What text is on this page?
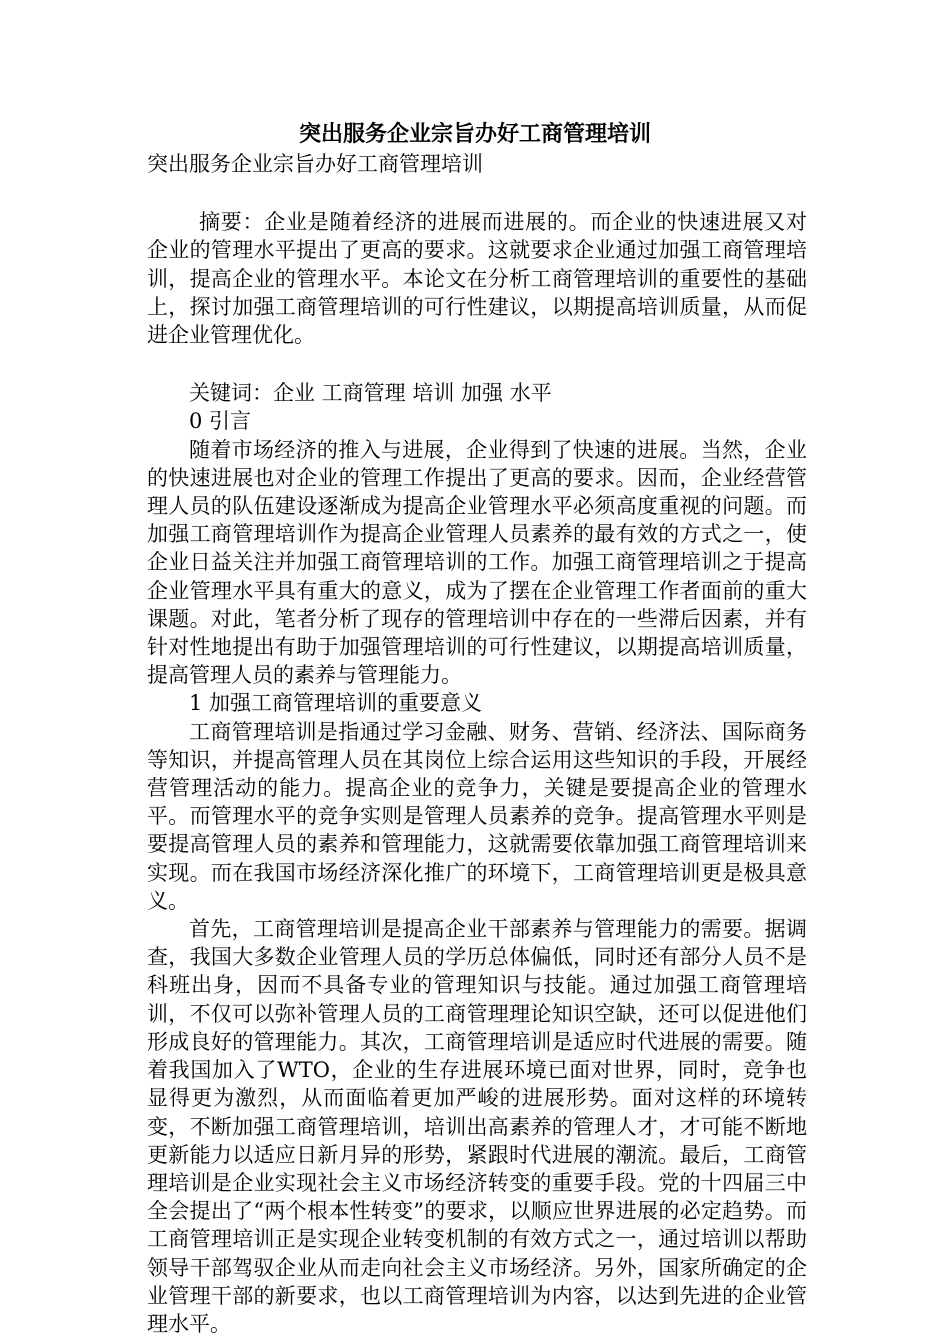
突出服务企业宗旨办好工商管理培训

突出服务企业宗旨办好工商管理培训

摘要：企业是随着经济的进展而进展的。而企业的快速进展又对企业的管理水平提出了更高的要求。这就要求企业通过加强工商管理培训，提高企业的管理水平。本论文在分析工商管理培训的重要性的基础上，探讨加强工商管理培训的可行性建议，以期提高培训质量，从而促进企业管理优化。

关键词：企业 工商管理 培训 加强 水平

0 引言

随着市场经济的推入与进展，企业得到了快速的进展。当然，企业的快速进展也对企业的管理工作提出了更高的要求。因而，企业经营管理人员的队伍建设逐渐成为提高企业管理水平必须高度重视的问题。而加强工商管理培训作为提高企业管理人员素养的最有效的方式之一，使企业日益关注并加强工商管理培训的工作。加强工商管理培训之于提高企业管理水平具有重大的意义，成为了摆在企业管理工作者面前的重大课题。对此，笔者分析了现存的管理培训中存在的一些滞后因素，并有针对性地提出有助于加强管理培训的可行性建议，以期提高培训质量，提高管理人员的素养与管理能力。

1 加强工商管理培训的重要意义

工商管理培训是指通过学习金融、财务、营销、经济法、国际商务等知识，并提高管理人员在其岗位上综合运用这些知识的手段，开展经营管理活动的能力。提高企业的竞争力，关键是要提高企业的管理水平。而管理水平的竞争实则是管理人员素养的竞争。提高管理水平则是要提高管理人员的素养和管理能力，这就需要依靠加强工商管理培训来实现。而在我国市场经济深化推广的环境下，工商管理培训更是极具意义。

首先，工商管理培训是提高企业干部素养与管理能力的需要。据调查，我国大多数企业管理人员的学历总体偏低，同时还有部分人员不是科班出身，因而不具备专业的管理知识与技能。通过加强工商管理培训，不仅可以弥补管理人员的工商管理理论知识空缺，还可以促进他们形成良好的管理能力。其次，工商管理培训是适应时代进展的需要。随着我国加入了WTO，企业的生存进展环境已面对世界，同时，竞争也显得更为激烈，从而面临着更加严峻的进展形势。面对这样的环境转变，不断加强工商管理培训，培训出高素养的管理人才，才可能不断地更新能力以适应日新月异的形势，紧跟时代进展的潮流。最后，工商管理培训是企业实现社会主义市场经济转变的重要手段。党的十四届三中全会提出了“两个根本性转变”的要求，以顺应世界进展的必定趋势。而工商管理培训正是实现企业转变机制的有效方式之一，通过培训以帮助领导干部驾驭企业从而走向社会主义市场经济。另外，国家所确定的企业管理干部的新要求，也以工商管理培训为内容，以达到先进的企业管理水平。
